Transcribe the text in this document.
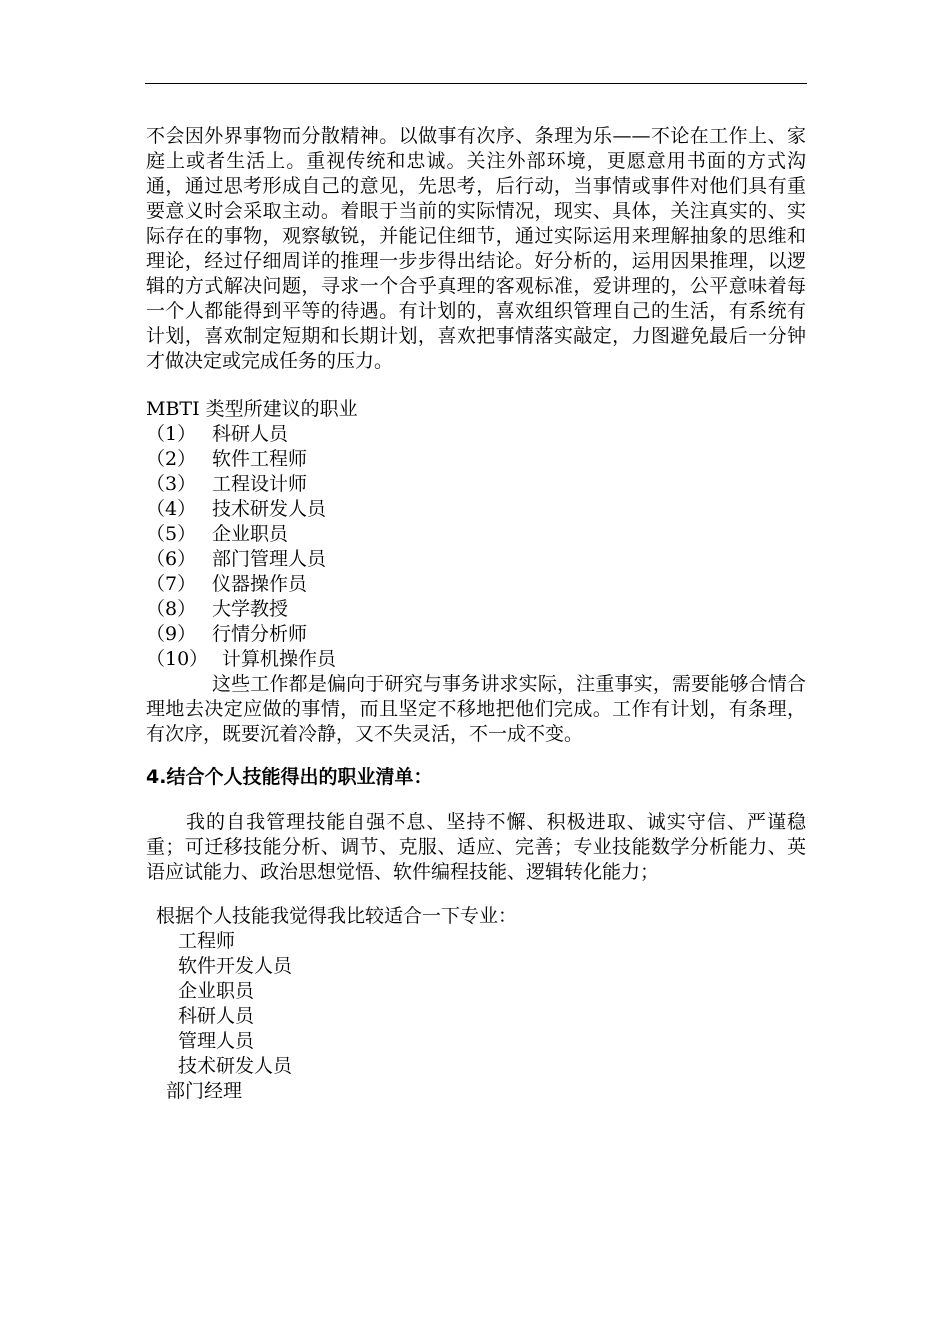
不会因外界事物而分散精神。以做事有次序、条理为乐——不论在工作上、家庭上或者生活上。重视传统和忠诚。关注外部环境，更愿意用书面的方式沟通，通过思考形成自己的意见，先思考，后行动，当事情或事件对他们具有重要意义时会采取主动。着眼于当前的实际情况，现实、具体，关注真实的、实际存在的事物，观察敏锐，并能记住细节，通过实际运用来理解抽象的思维和理论，经过仔细周详的推理一步步得出结论。好分析的，运用因果推理，以逻辑的方式解决问题，寻求一个合乎真理的客观标准，爱讲理的，公平意味着每一个人都能得到平等的待遇。有计划的，喜欢组织管理自己的生活，有系统有计划，喜欢制定短期和长期计划，喜欢把事情落实敲定，力图避免最后一分钟才做决定或完成任务的压力。
MBTI 类型所建议的职业
（1） 科研人员
（2） 软件工程师
（3） 工程设计师
（4） 技术研发人员
（5） 企业职员
（6） 部门管理人员
（7） 仪器操作员
（8） 大学教授
（9） 行情分析师
（10） 计算机操作员
这些工作都是偏向于研究与事务讲求实际，注重事实，需要能够合情合理地去决定应做的事情，而且坚定不移地把他们完成。工作有计划，有条理，有次序，既要沉着冷静，又不失灵活，不一成不变。
4.结合个人技能得出的职业清单：
我的自我管理技能自强不息、坚持不懈、积极进取、诚实守信、严谨稳重；可迁移技能分析、调节、克服、适应、完善；专业技能数学分析能力、英语应试能力、政治思想觉悟、软件编程技能、逻辑转化能力；
根据个人技能我觉得我比较适合一下专业：
工程师
软件开发人员
企业职员
科研人员
管理人员
技术研发人员
部门经理
